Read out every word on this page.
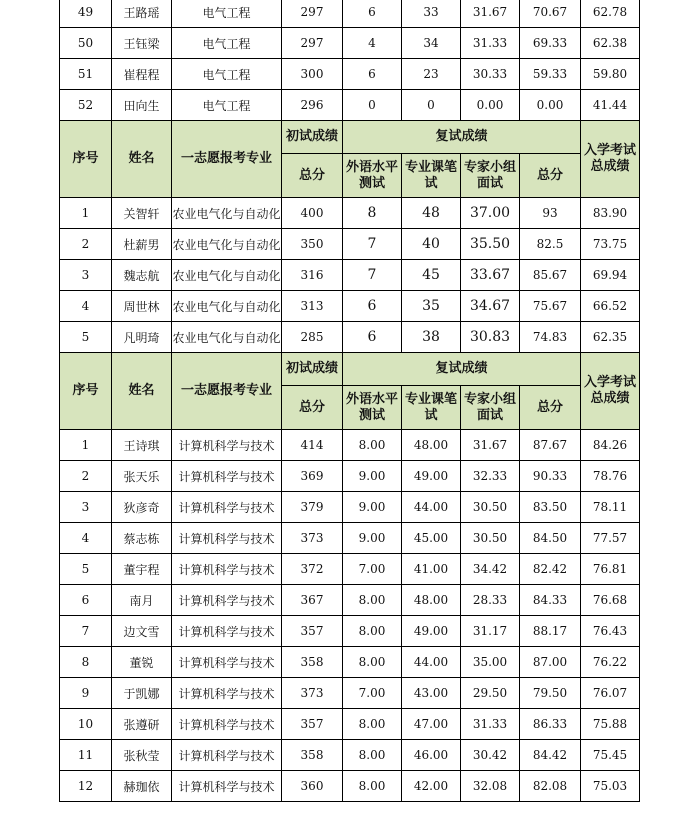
49	王路瑶	电气工程	297	6	33	31.67	70.67	62.78
50	王钰梁	电气工程	297	4	34	31.33	69.33	62.38
51	崔程程	电气工程	300	6	23	30.33	59.33	59.80
52	田向生	电气工程	296	0	0	0.00	0.00	41.44
序号	姓名	一志愿报考专业	初试成绩	复试成绩				入学考试总成绩
			总分	外语水平测试	专业课笔试	专家小组面试	总分	
1	关智轩	农业电气化与自动化	400	8	48	37.00	93	83.90
2	杜薪男	农业电气化与自动化	350	7	40	35.50	82.5	73.75
3	魏志航	农业电气化与自动化	316	7	45	33.67	85.67	69.94
4	周世林	农业电气化与自动化	313	6	35	34.67	75.67	66.52
5	凡明琦	农业电气化与自动化	285	6	38	30.83	74.83	62.35
序号	姓名	一志愿报考专业	初试成绩	复试成绩				入学考试总成绩
			总分	外语水平测试	专业课笔试	专家小组面试	总分	
1	王诗琪	计算机科学与技术	414	8.00	48.00	31.67	87.67	84.26
2	张天乐	计算机科学与技术	369	9.00	49.00	32.33	90.33	78.76
3	狄彦奇	计算机科学与技术	379	9.00	44.00	30.50	83.50	78.11
4	蔡志栋	计算机科学与技术	373	9.00	45.00	30.50	84.50	77.57
5	董宇程	计算机科学与技术	372	7.00	41.00	34.42	82.42	76.81
6	南月	计算机科学与技术	367	8.00	48.00	28.33	84.33	76.68
7	边文雪	计算机科学与技术	357	8.00	49.00	31.17	88.17	76.43
8	董锐	计算机科学与技术	358	8.00	44.00	35.00	87.00	76.22
9	于凯娜	计算机科学与技术	373	7.00	43.00	29.50	79.50	76.07
10	张遵研	计算机科学与技术	357	8.00	47.00	31.33	86.33	75.88
11	张秋莹	计算机科学与技术	358	8.00	46.00	30.42	84.42	75.45
12	赫珈依	计算机科学与技术	360	8.00	42.00	32.08	82.08	75.03
